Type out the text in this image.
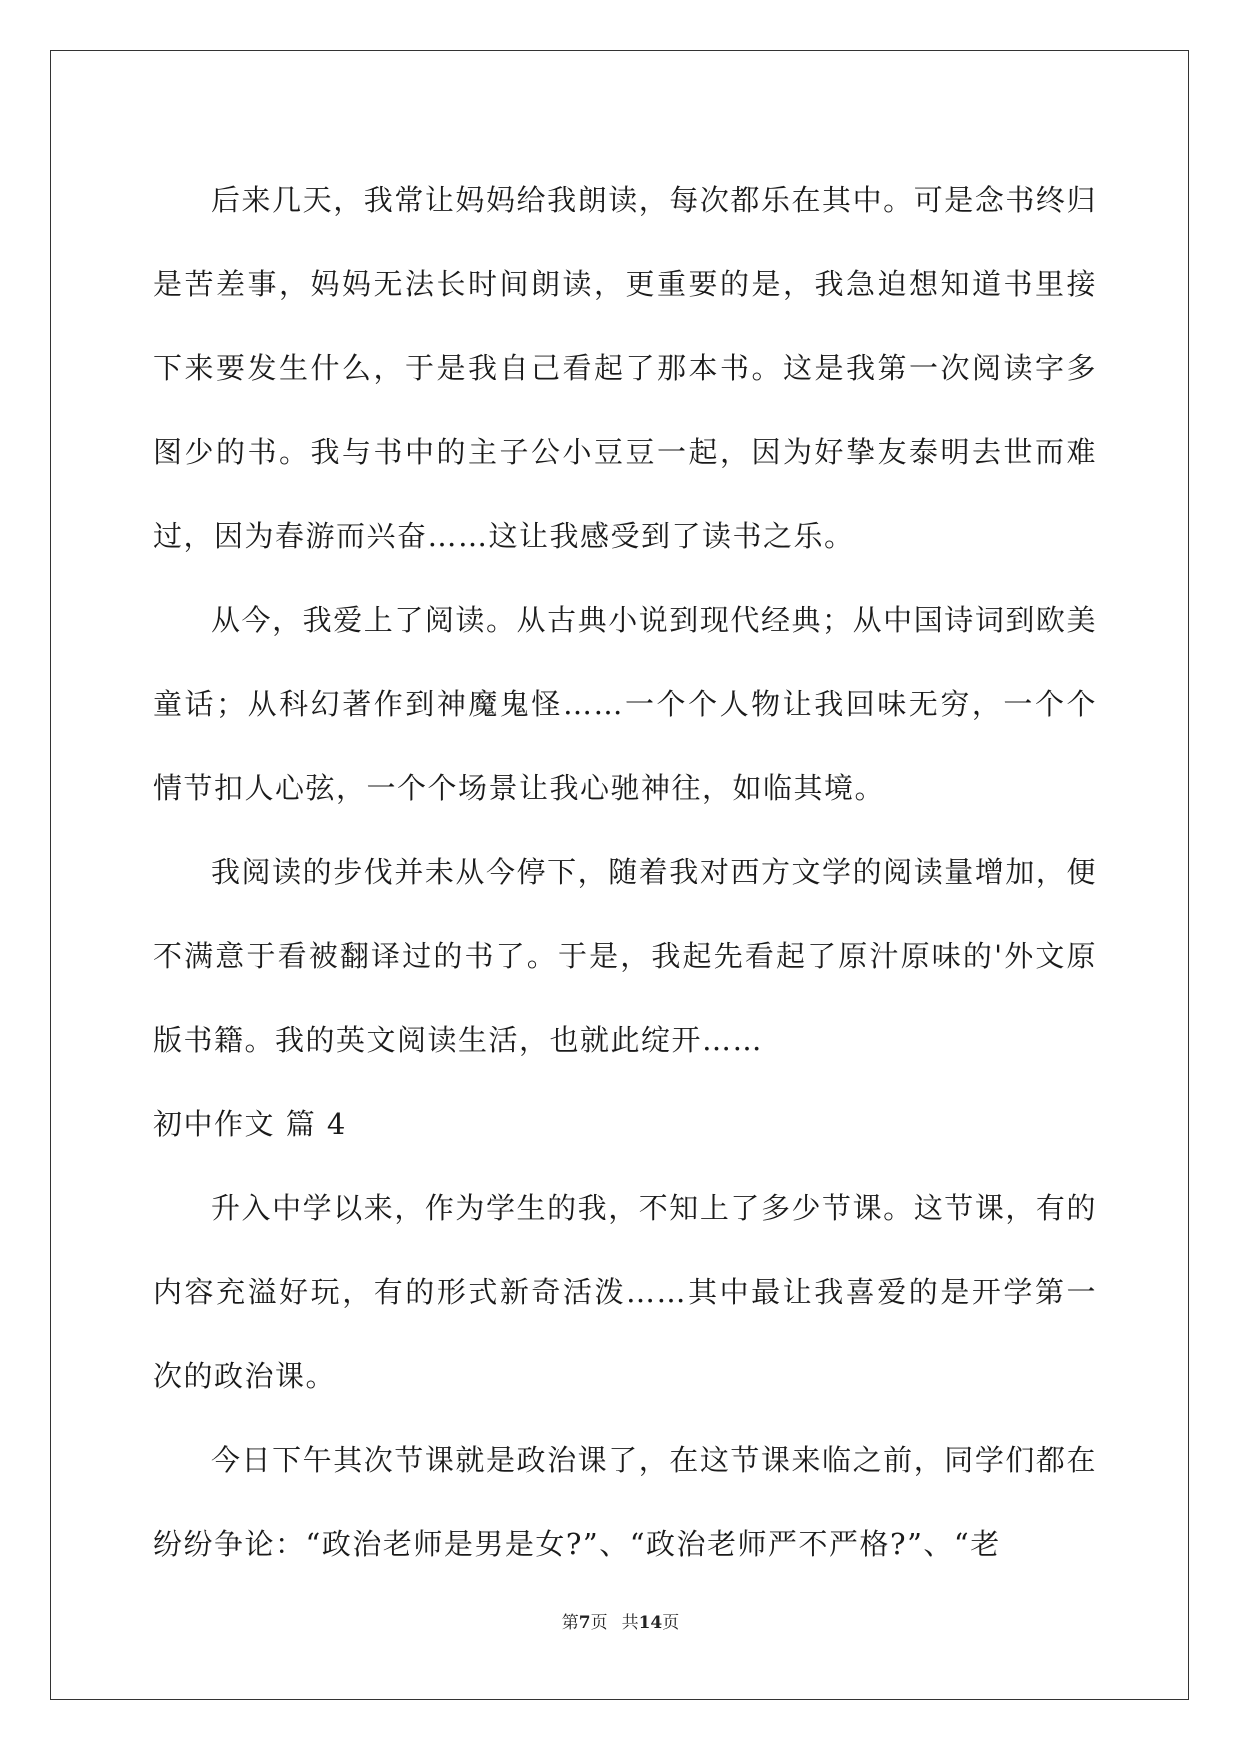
后来几天，我常让妈妈给我朗读，每次都乐在其中。可是念书终归是苦差事，妈妈无法长时间朗读，更重要的是，我急迫想知道书里接下来要发生什么，于是我自己看起了那本书。这是我第一次阅读字多图少的书。我与书中的主子公小豆豆一起，因为好挚友泰明去世而难过，因为春游而兴奋……这让我感受到了读书之乐。

从今，我爱上了阅读。从古典小说到现代经典；从中国诗词到欧美童话；从科幻著作到神魔鬼怪……一个个人物让我回味无穷，一个个情节扣人心弦，一个个场景让我心驰神往，如临其境。

我阅读的步伐并未从今停下，随着我对西方文学的阅读量增加，便不满意于看被翻译过的书了。于是，我起先看起了原汁原味的'外文原版书籍。我的英文阅读生活，也就此绽开……

初中作文 篇 4

升入中学以来，作为学生的我，不知上了多少节课。这节课，有的内容充溢好玩，有的形式新奇活泼……其中最让我喜爱的是开学第一次的政治课。

今日下午其次节课就是政治课了，在这节课来临之前，同学们都在纷纷争论：“政治老师是男是女?”、“政治老师严不严格?”、“老

第7页 共14页
